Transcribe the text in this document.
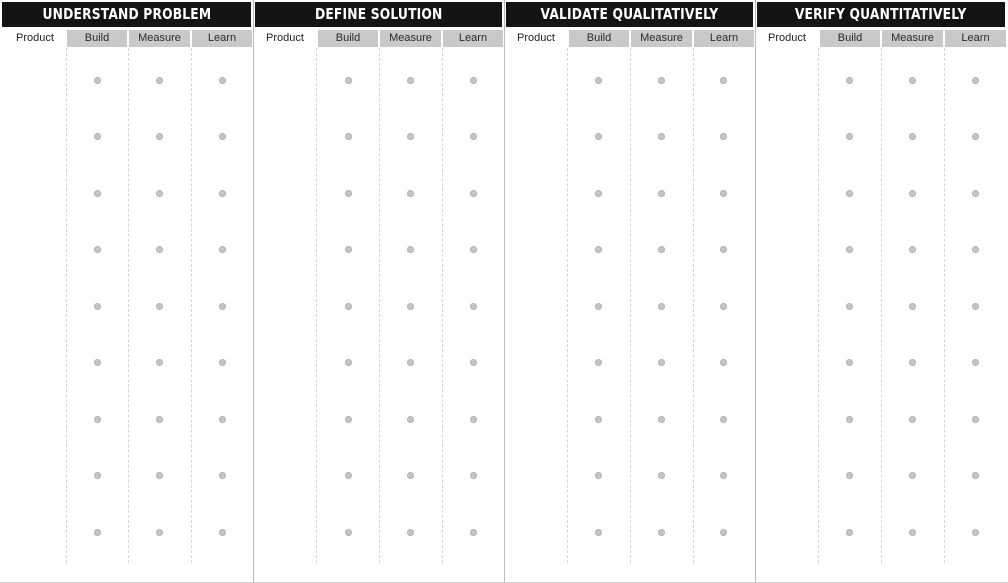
UNDERSTAND PROBLEM
Product	Build	Measure	Learn
DEFINE SOLUTION
Product	Build	Measure	Learn
VALIDATE QUALITATIVELY
Product	Build	Measure	Learn
VERIFY QUANTITATIVELY
Product	Build	Measure	Learn
